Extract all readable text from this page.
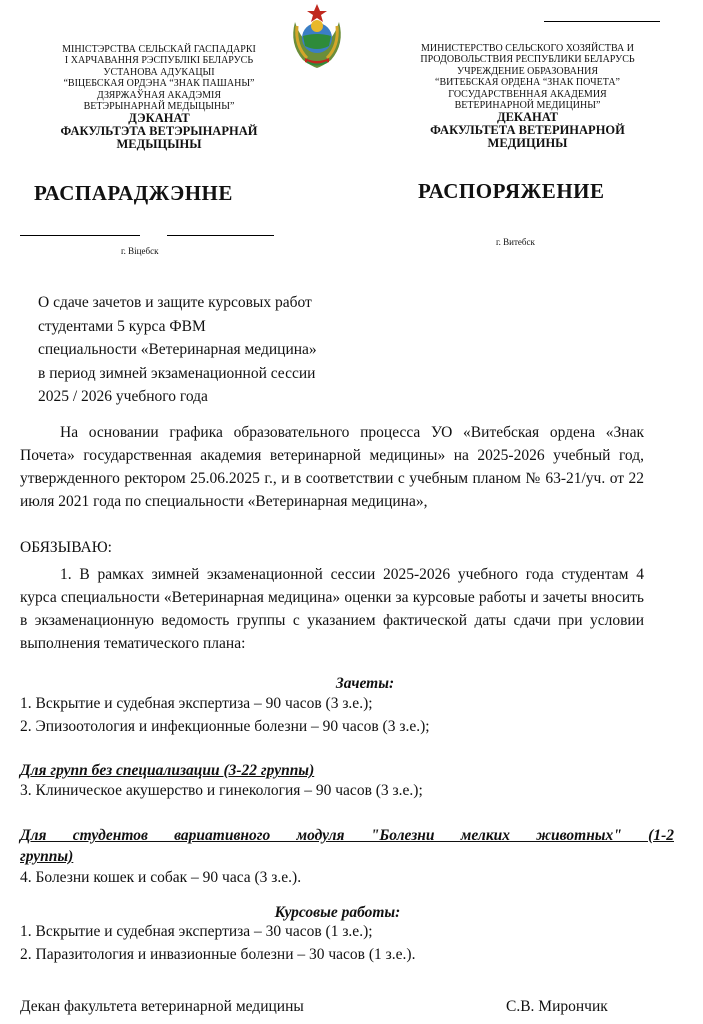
МІНІСТЭРСТВА СЕЛЬСКАЙ ГАСПАДАРКІ
І ХАРЧАВАННЯ РЭСПУБЛІКІ БЕЛАРУСЬ
УСТАНОВА АДУКАЦЫІ
“ВІЦЕБСКАЯ ОРДЭНА “ЗНАК ПАШАНЫ”
ДЗЯРЖАЎНАЯ АКАДЭМІЯ
ВЕТЭРЫНАРНАЙ МЕДЫЦЫНЫ”
ДЭКАНАТ
ФАКУЛЬТЭТА ВЕТЭРЫНАРНАЙ
МЕДЫЦЫНЫ
МИНИСТЕРСТВО СЕЛЬСКОГО ХОЗЯЙСТВА И
ПРОДОВОЛЬСТВИЯ РЕСПУБЛИКИ БЕЛАРУСЬ
УЧРЕЖДЕНИЕ ОБРАЗОВАНИЯ
“ВИТЕБСКАЯ ОРДЕНА “ЗНАК ПОЧЕТА”
ГОСУДАРСТВЕННАЯ АКАДЕМИЯ
ВЕТЕРИНАРНОЙ МЕДИЦИНЫ”
ДЕКАНАТ
ФАКУЛЬТЕТА ВЕТЕРИНАРНОЙ
МЕДИЦИНЫ
РАСПАРАДЖЭННЕ	РАСПОРЯЖЕНИЕ
г. Віцебск
г. Витебск
О сдаче зачетов и защите курсовых работ
студентами 5 курса ФВМ
специальности «Ветеринарная медицина»
в период зимней экзаменационной сессии
2025 / 2026 учебного года
На основании графика образовательного процесса УО «Витебская ордена «Знак Почета» государственная академия ветеринарной медицины» на 2025-2026 учебный год, утвержденного ректором 25.06.2025 г., и в соответствии с учебным планом № 63-21/уч. от 22 июля 2021 года по специальности «Ветеринарная медицина»,
ОБЯЗЫВАЮ:
1. В рамках зимней экзаменационной сессии 2025-2026 учебного года студентам 4 курса специальности «Ветеринарная медицина» оценки за курсовые работы и зачеты вносить в экзаменационную ведомость группы с указанием фактической даты сдачи при условии выполнения тематического плана:
Зачеты:
1. Вскрытие и судебная экспертиза – 90 часов (3 з.е.);
2. Эпизоотология и инфекционные болезни – 90 часов (3 з.е.);
Для групп без специализации (3-22 группы)
3. Клиническое акушерство и гинекология – 90 часов (3 з.е.);
Для студентов вариативного модуля "Болезни мелких животных" (1-2
группы)
4. Болезни кошек и собак – 90 часа (3 з.е.).
Курсовые работы:
1. Вскрытие и судебная экспертиза – 30 часов (1 з.е.);
2. Паразитология и инвазионные болезни – 30 часов (1 з.е.).
Декан факультета ветеринарной медицины	С.В. Мирончик
